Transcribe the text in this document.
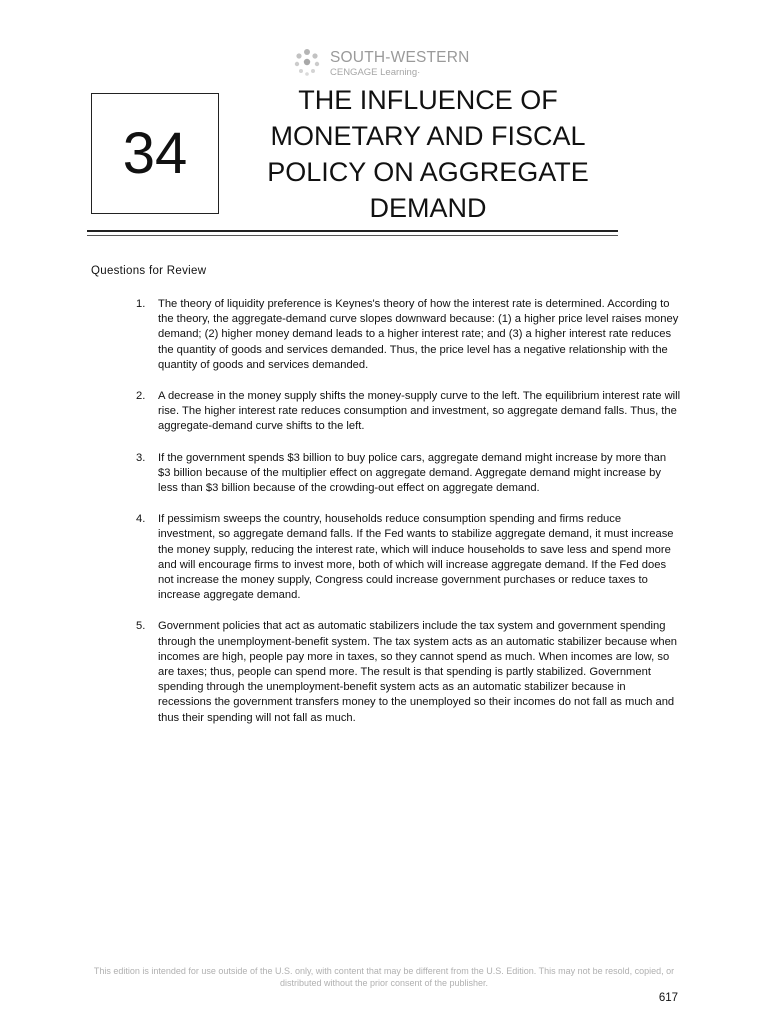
SOUTH-WESTERN
CENGAGE Learning·
34
THE INFLUENCE OF MONETARY AND FISCAL POLICY ON AGGREGATE DEMAND
Questions for Review
1. The theory of liquidity preference is Keynes's theory of how the interest rate is determined. According to the theory, the aggregate-demand curve slopes downward because: (1) a higher price level raises money demand; (2) higher money demand leads to a higher interest rate; and (3) a higher interest rate reduces the quantity of goods and services demanded. Thus, the price level has a negative relationship with the quantity of goods and services demanded.
2. A decrease in the money supply shifts the money-supply curve to the left. The equilibrium interest rate will rise. The higher interest rate reduces consumption and investment, so aggregate demand falls. Thus, the aggregate-demand curve shifts to the left.
3. If the government spends $3 billion to buy police cars, aggregate demand might increase by more than $3 billion because of the multiplier effect on aggregate demand. Aggregate demand might increase by less than $3 billion because of the crowding-out effect on aggregate demand.
4. If pessimism sweeps the country, households reduce consumption spending and firms reduce investment, so aggregate demand falls. If the Fed wants to stabilize aggregate demand, it must increase the money supply, reducing the interest rate, which will induce households to save less and spend more and will encourage firms to invest more, both of which will increase aggregate demand. If the Fed does not increase the money supply, Congress could increase government purchases or reduce taxes to increase aggregate demand.
5. Government policies that act as automatic stabilizers include the tax system and government spending through the unemployment-benefit system. The tax system acts as an automatic stabilizer because when incomes are high, people pay more in taxes, so they cannot spend as much. When incomes are low, so are taxes; thus, people can spend more. The result is that spending is partly stabilized. Government spending through the unemployment-benefit system acts as an automatic stabilizer because in recessions the government transfers money to the unemployed so their incomes do not fall as much and thus their spending will not fall as much.
This edition is intended for use outside of the U.S. only, with content that may be different from the U.S. Edition. This may not be resold, copied, or distributed without the prior consent of the publisher.
617
